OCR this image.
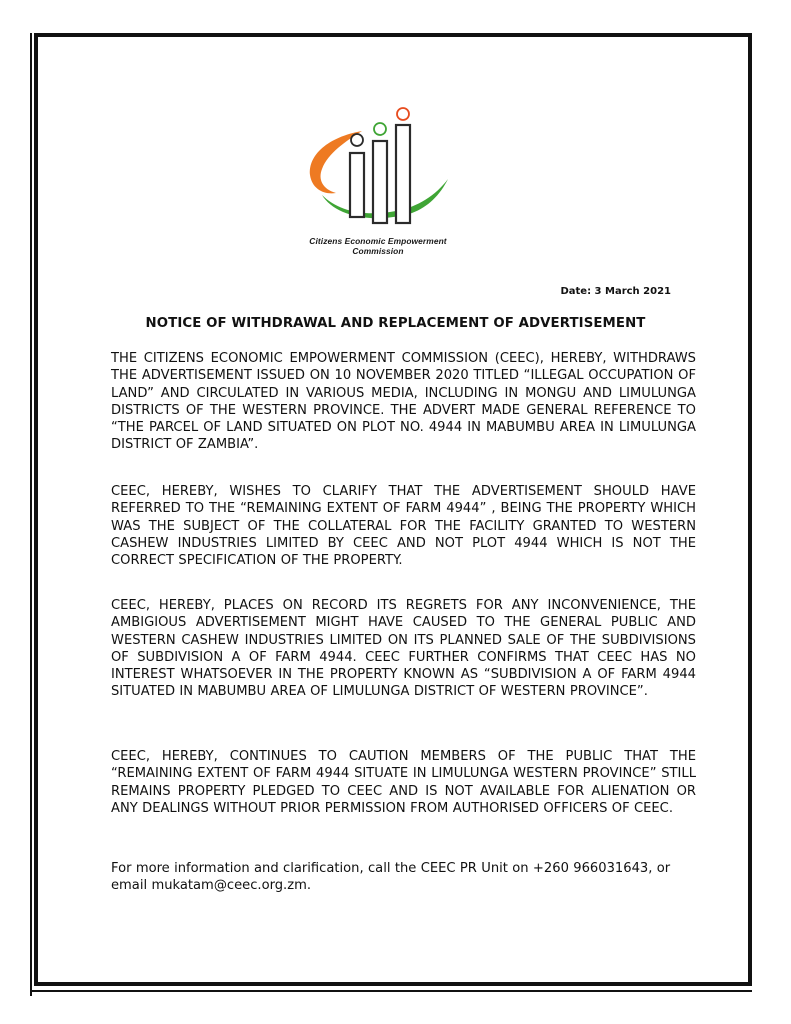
Citizens Economic Empowerment
Commission
Date: 3 March 2021
NOTICE OF WITHDRAWAL AND REPLACEMENT OF ADVERTISEMENT

THE CITIZENS ECONOMIC EMPOWERMENT COMMISSION (CEEC), HEREBY, WITHDRAWS THE ADVERTISEMENT ISSUED ON 10 NOVEMBER 2020 TITLED “ILLEGAL OCCUPATION OF LAND” AND CIRCULATED IN VARIOUS MEDIA, INCLUDING IN MONGU AND LIMULUNGA DISTRICTS OF THE WESTERN PROVINCE. THE ADVERT MADE GENERAL REFERENCE TO “THE PARCEL OF LAND SITUATED ON PLOT NO. 4944 IN MABUMBU AREA IN LIMULUNGA DISTRICT OF ZAMBIA”.

CEEC, HEREBY, WISHES TO CLARIFY THAT THE ADVERTISEMENT SHOULD HAVE REFERRED TO THE “REMAINING EXTENT OF FARM 4944” , BEING THE PROPERTY WHICH WAS THE SUBJECT OF THE COLLATERAL FOR THE FACILITY GRANTED TO WESTERN CASHEW INDUSTRIES LIMITED BY CEEC AND NOT PLOT 4944 WHICH IS NOT THE CORRECT SPECIFICATION OF THE PROPERTY.

CEEC, HEREBY, PLACES ON RECORD ITS REGRETS FOR ANY INCONVENIENCE, THE AMBIGIOUS ADVERTISEMENT MIGHT HAVE CAUSED TO THE GENERAL PUBLIC AND WESTERN CASHEW INDUSTRIES LIMITED ON ITS PLANNED SALE OF THE SUBDIVISIONS OF SUBDIVISION A OF FARM 4944. CEEC FURTHER CONFIRMS THAT CEEC HAS NO INTEREST WHATSOEVER IN THE PROPERTY KNOWN AS “SUBDIVISION A OF FARM 4944 SITUATED IN MABUMBU AREA OF LIMULUNGA DISTRICT OF WESTERN PROVINCE”.

CEEC, HEREBY, CONTINUES TO CAUTION MEMBERS OF THE PUBLIC THAT THE “REMAINING EXTENT OF FARM 4944 SITUATE IN LIMULUNGA WESTERN PROVINCE” STILL REMAINS PROPERTY PLEDGED TO CEEC AND IS NOT AVAILABLE FOR ALIENATION OR ANY DEALINGS WITHOUT PRIOR PERMISSION FROM AUTHORISED OFFICERS OF CEEC.

For more information and clarification, call the CEEC PR Unit on +260 966031643, or email mukatam@ceec.org.zm.
